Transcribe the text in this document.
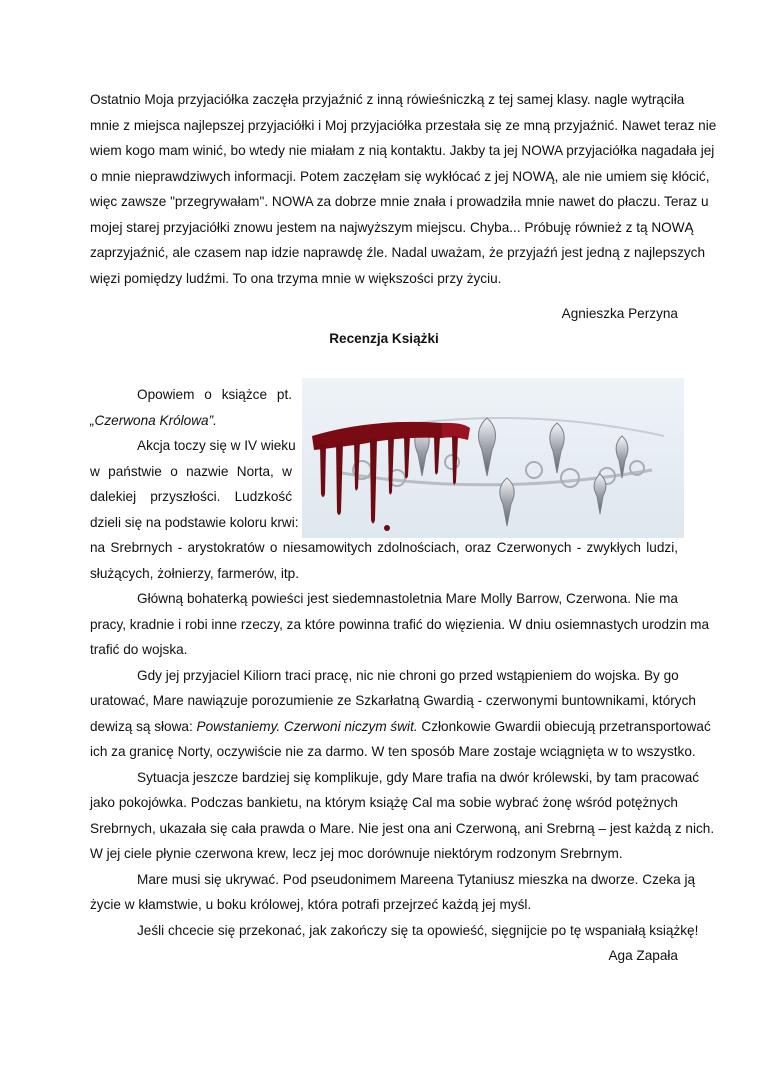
Ostatnio Moja przyjaciółka zaczęła przyjaźnić z inną rówieśniczką z tej samej klasy. nagle wytrąciła
mnie z miejsca najlepszej przyjaciółki i Moj przyjaciółka przestała się ze mną przyjaźnić. Nawet teraz nie
wiem kogo mam winić, bo wtedy nie miałam z nią kontaktu. Jakby ta jej NOWA przyjaciółka nagadała jej
o mnie nieprawdziwych informacji. Potem zaczęłam się wykłócać z jej NOWĄ, ale nie umiem się kłócić,
więc zawsze "przegrywałam". NOWA za dobrze mnie znała i prowadziła mnie nawet do płaczu. Teraz u
mojej starej przyjaciółki znowu jestem na najwyższym miejscu. Chyba... Próbuję również z tą NOWĄ
zaprzyjaźnić, ale czasem nap idzie naprawdę źle. Nadal uważam, że przyjaźń jest jedną z najlepszych
więzi pomiędzy ludźmi. To ona trzyma mnie w większości przy życiu.
Agnieszka Perzyna
Recenzja Książki
Opowiem o książce pt.
„Czerwona Królowa”.
Akcja toczy się w IV wieku
w państwie o nazwie Norta, w
dalekiej przyszłości. Ludzkość
dzieli się na podstawie koloru krwi:
na Srebrnych - arystokratów o niesamowitych zdolnościach, oraz Czerwonych - zwykłych ludzi,
służących, żołnierzy, farmerów, itp.
Główną bohaterką powieści jest siedemnastoletnia Mare Molly Barrow, Czerwona. Nie ma
pracy, kradnie i robi inne rzeczy, za które powinna trafić do więzienia. W dniu osiemnastych urodzin ma
trafić do wojska.
Gdy jej przyjaciel Kiliorn traci pracę, nic nie chroni go przed wstąpieniem do wojska. By go
uratować, Mare nawiązuje porozumienie ze Szkarłatną Gwardią - czerwonymi buntownikami, których
dewizą są słowa: Powstaniemy. Czerwoni niczym świt. Członkowie Gwardii obiecują przetransportować
ich za granicę Norty, oczywiście nie za darmo. W ten sposób Mare zostaje wciągnięta w to wszystko.
Sytuacja jeszcze bardziej się komplikuje, gdy Mare trafia na dwór królewski, by tam pracować
jako pokojówka. Podczas bankietu, na którym książę Cal ma sobie wybrać żonę wśród potężnych
Srebrnych, ukazała się cała prawda o Mare. Nie jest ona ani Czerwoną, ani Srebrną – jest każdą z nich.
W jej ciele płynie czerwona krew, lecz jej moc dorównuje niektórym rodzonym Srebrnym.
Mare musi się ukrywać. Pod pseudonimem Mareena Tytaniusz mieszka na dworze. Czeka ją
życie w kłamstwie, u boku królowej, która potrafi przejrzeć każdą jej myśl.
Jeśli chcecie się przekonać, jak zakończy się ta opowieść, sięgnijcie po tę wspaniałą książkę!
Aga Zapała
